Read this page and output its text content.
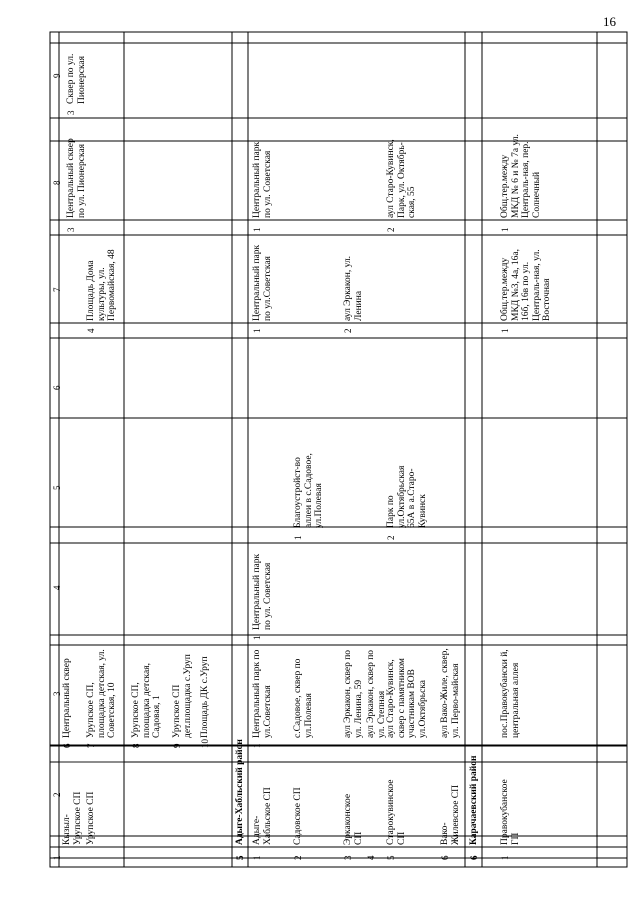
16
1
2
3
4
5
6
7
8
9
Кызыл-Урупское СП
6
Центральный сквер
Урупское СП
7
Урупское СП, площадка детская, ул. Советская, 10
4
Площадь Дома культуры, ул. Первомайская, 48
3
Центральный сквер по ул. Пионерская
3
Сквер по ул. Пионерская
8
Урупское СП, площадка детская, Садовая, 1
9
Урупское СП дет.площадка с.Уруп
10
Площадь ДК с.Уруп
5
Адыге-Хабльский район
1
Адыге-Хабльское СП
1
Центральный парк по ул.Советская
1
Центральный парк по ул. Советская
1
Центральный парк по ул.Советская
1
Центральный парк по ул. Советская
2
Садовское СП
с.Садовое, сквер по ул.Полевая
1
Благоустройст-во аллеи в с.Садовое, ул.Полевая
3
Эркаконское СП
аул Эркакон, сквер по ул. Ленина, 59
2
аул Эркакон, ул. Ленина
4
аул Эркакон, сквер по ул. Степная
5
Старокувинское СП
аул Старо-Кувинск, сквер с памятником участникам ВОВ ул.Октябрьска
2
Парк по ул.Октябрьская 65А в а.Старо-Кувинск
2
аул Старо-Кувинск, Парк, ул. Октябрь-ская, 55
6
Вако-Жилевское СП
аул Вако-Жиле, сквер, ул. Перво-майская
6
Карачаевский район
1
Правокубанское ГП
пос.Правокубански й, центральная аллея
1
Общ.тер.между МКД №3, 4а, 16а, 16б, 16в по ул. Централь-ная, ул. Восточная
1
Общ.тер.между МКД № 6 и № 7а ул. Централь-ная, пер. Солнечный
